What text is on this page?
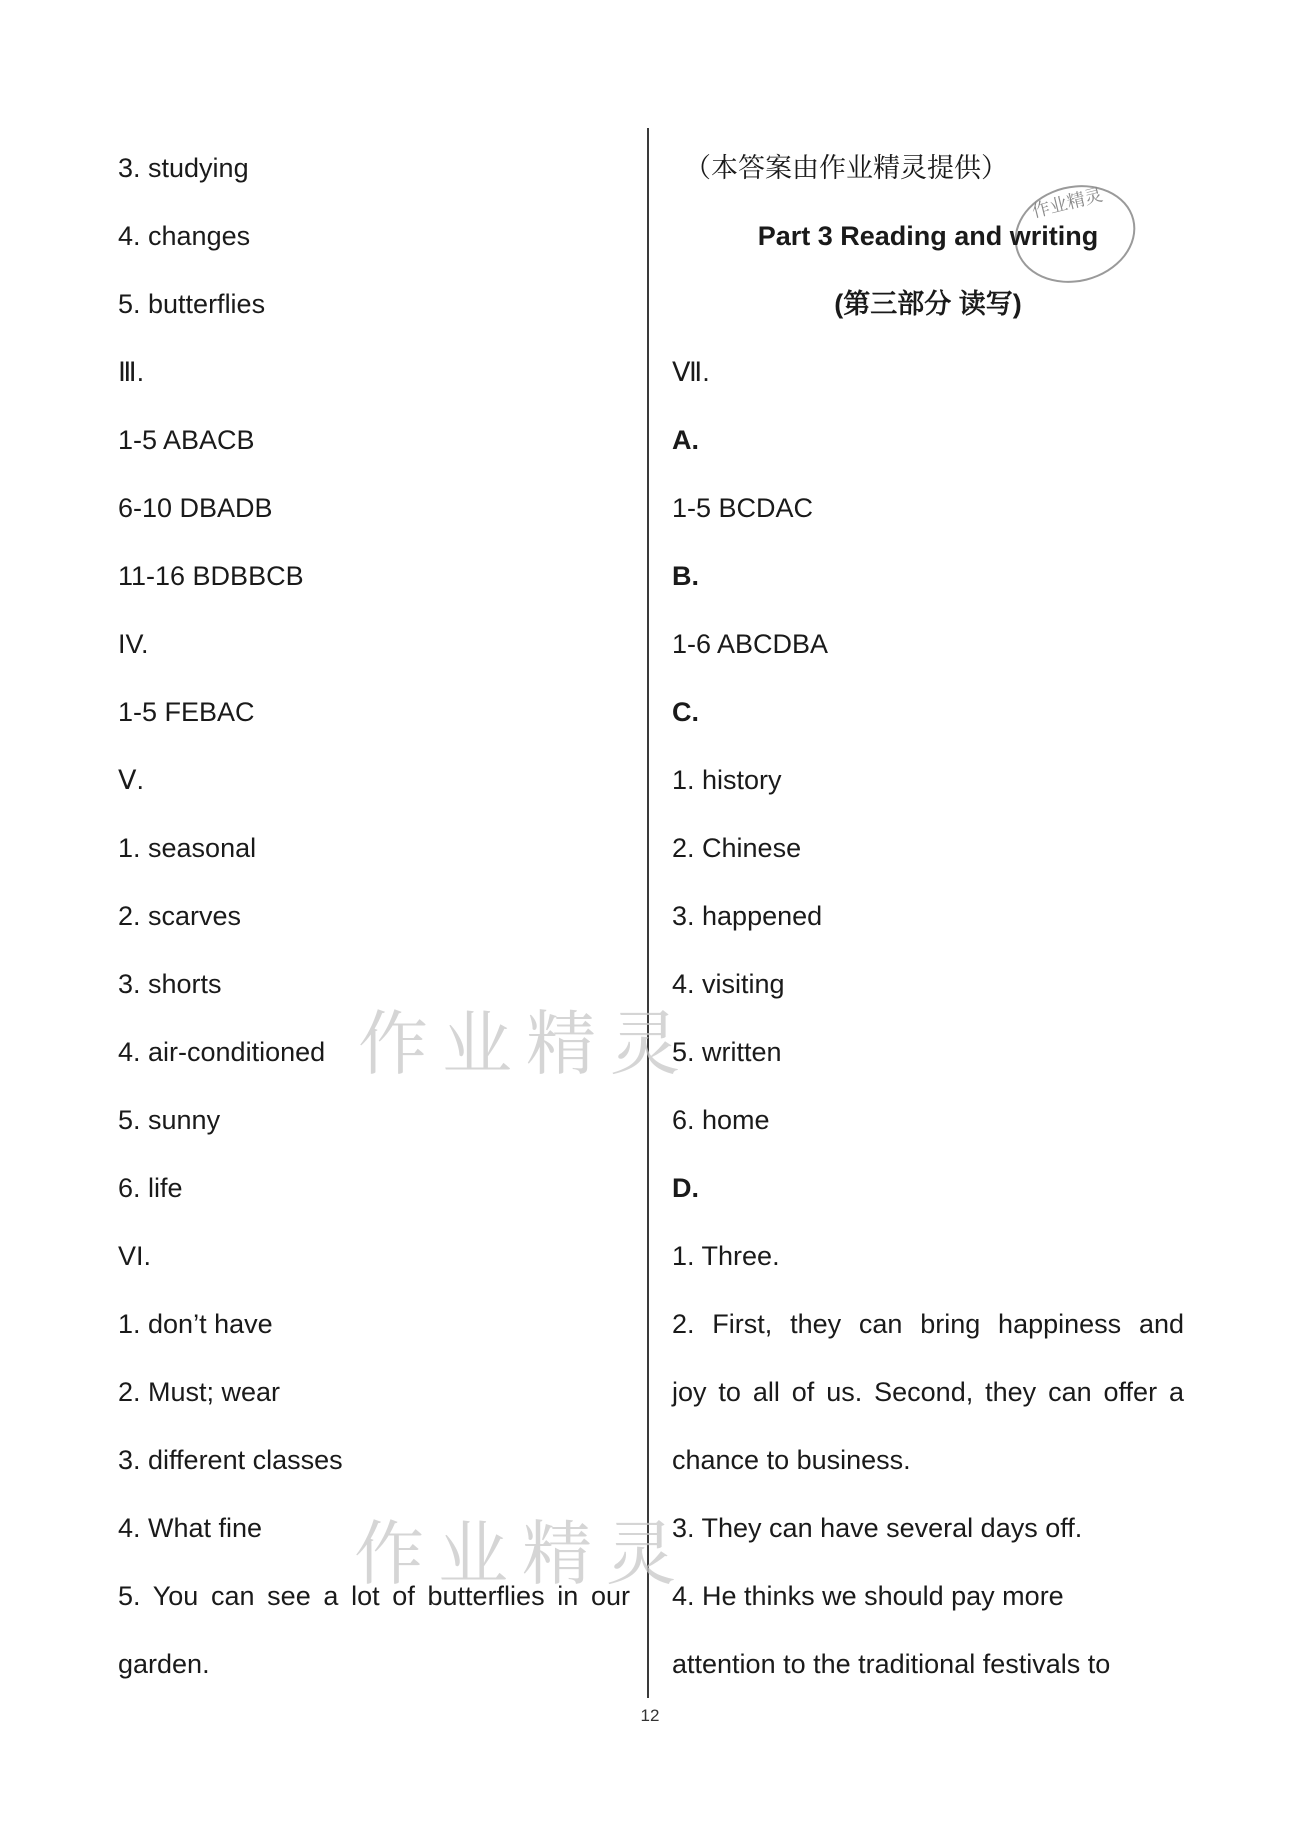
作业精灵
作业精灵
作业精灵
3. studying
4. changes
5. butterflies
Ⅲ.
1-5 ABACB
6-10 DBADB
11-16 BDBBCB
IV.
1-5 FEBAC
Ⅴ.
1. seasonal
2. scarves
3. shorts
4. air-conditioned
5. sunny
6. life
VI.
1. don’t have
2. Must; wear
3. different classes
4. What fine
5. You can see a lot of butterflies in our
garden.
（本答案由作业精灵提供）
Part 3 Reading and writing
(第三部分 读写)
Ⅶ.
A.
1-5 BCDAC
B.
1-6 ABCDBA
C.
1. history
2. Chinese
3. happened
4. visiting
5. written
6. home
D.
1. Three.
2. First, they can bring happiness and
joy to all of us. Second, they can offer a
chance to business.
3. They can have several days off.
4. He thinks we should pay more
attention to the traditional festivals to
12
